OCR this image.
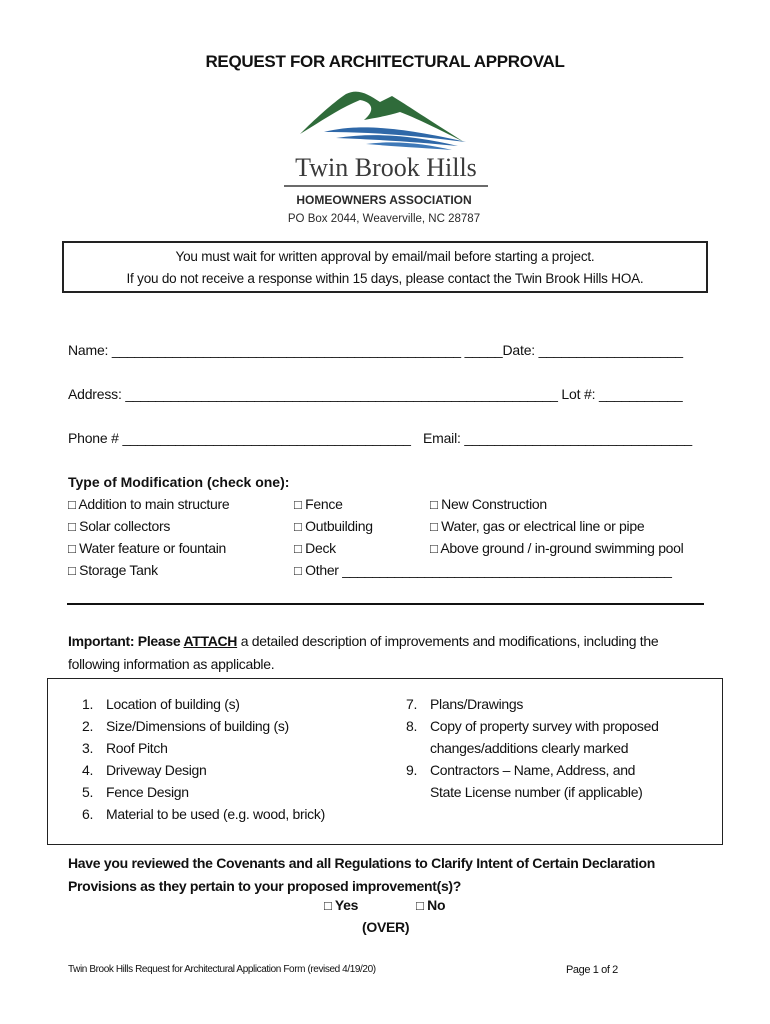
REQUEST FOR ARCHITECTURAL APPROVAL
Twin Brook Hills
HOMEOWNERS ASSOCIATION
PO Box 2044, Weaverville, NC 28787
You must wait for written approval by email/mail before starting a project.
If you do not receive a response within 15 days, please contact the Twin Brook Hills HOA.
Name: ______________________________________________ _____Date: ___________________
Address: _________________________________________________________ Lot #: ___________
Phone # ______________________________________ Email: ______________________________
Type of Modification (check one):
□ Addition to main structure
□ Solar collectors
□ Water feature or fountain
□ Storage Tank
□ Fence
□ Outbuilding
□ Deck
□ Other ____________________________________________
□ New Construction
□ Water, gas or electrical line or pipe
□ Above ground / in-ground swimming pool
Important: Please ATTACH a detailed description of improvements and modifications, including the following information as applicable.
1. Location of building (s)
2. Size/Dimensions of building (s)
3. Roof Pitch
4. Driveway Design
5. Fence Design
6. Material to be used (e.g. wood, brick)
7. Plans/Drawings
8. Copy of property survey with proposed
changes/additions clearly marked
9. Contractors – Name, Address, and
State License number (if applicable)
Have you reviewed the Covenants and all Regulations to Clarify Intent of Certain Declaration Provisions as they pertain to your proposed improvement(s)?
□ Yes	□ No
(OVER)
Twin Brook Hills Request for Architectural Application Form (revised 4/19/20)	Page 1 of 2
